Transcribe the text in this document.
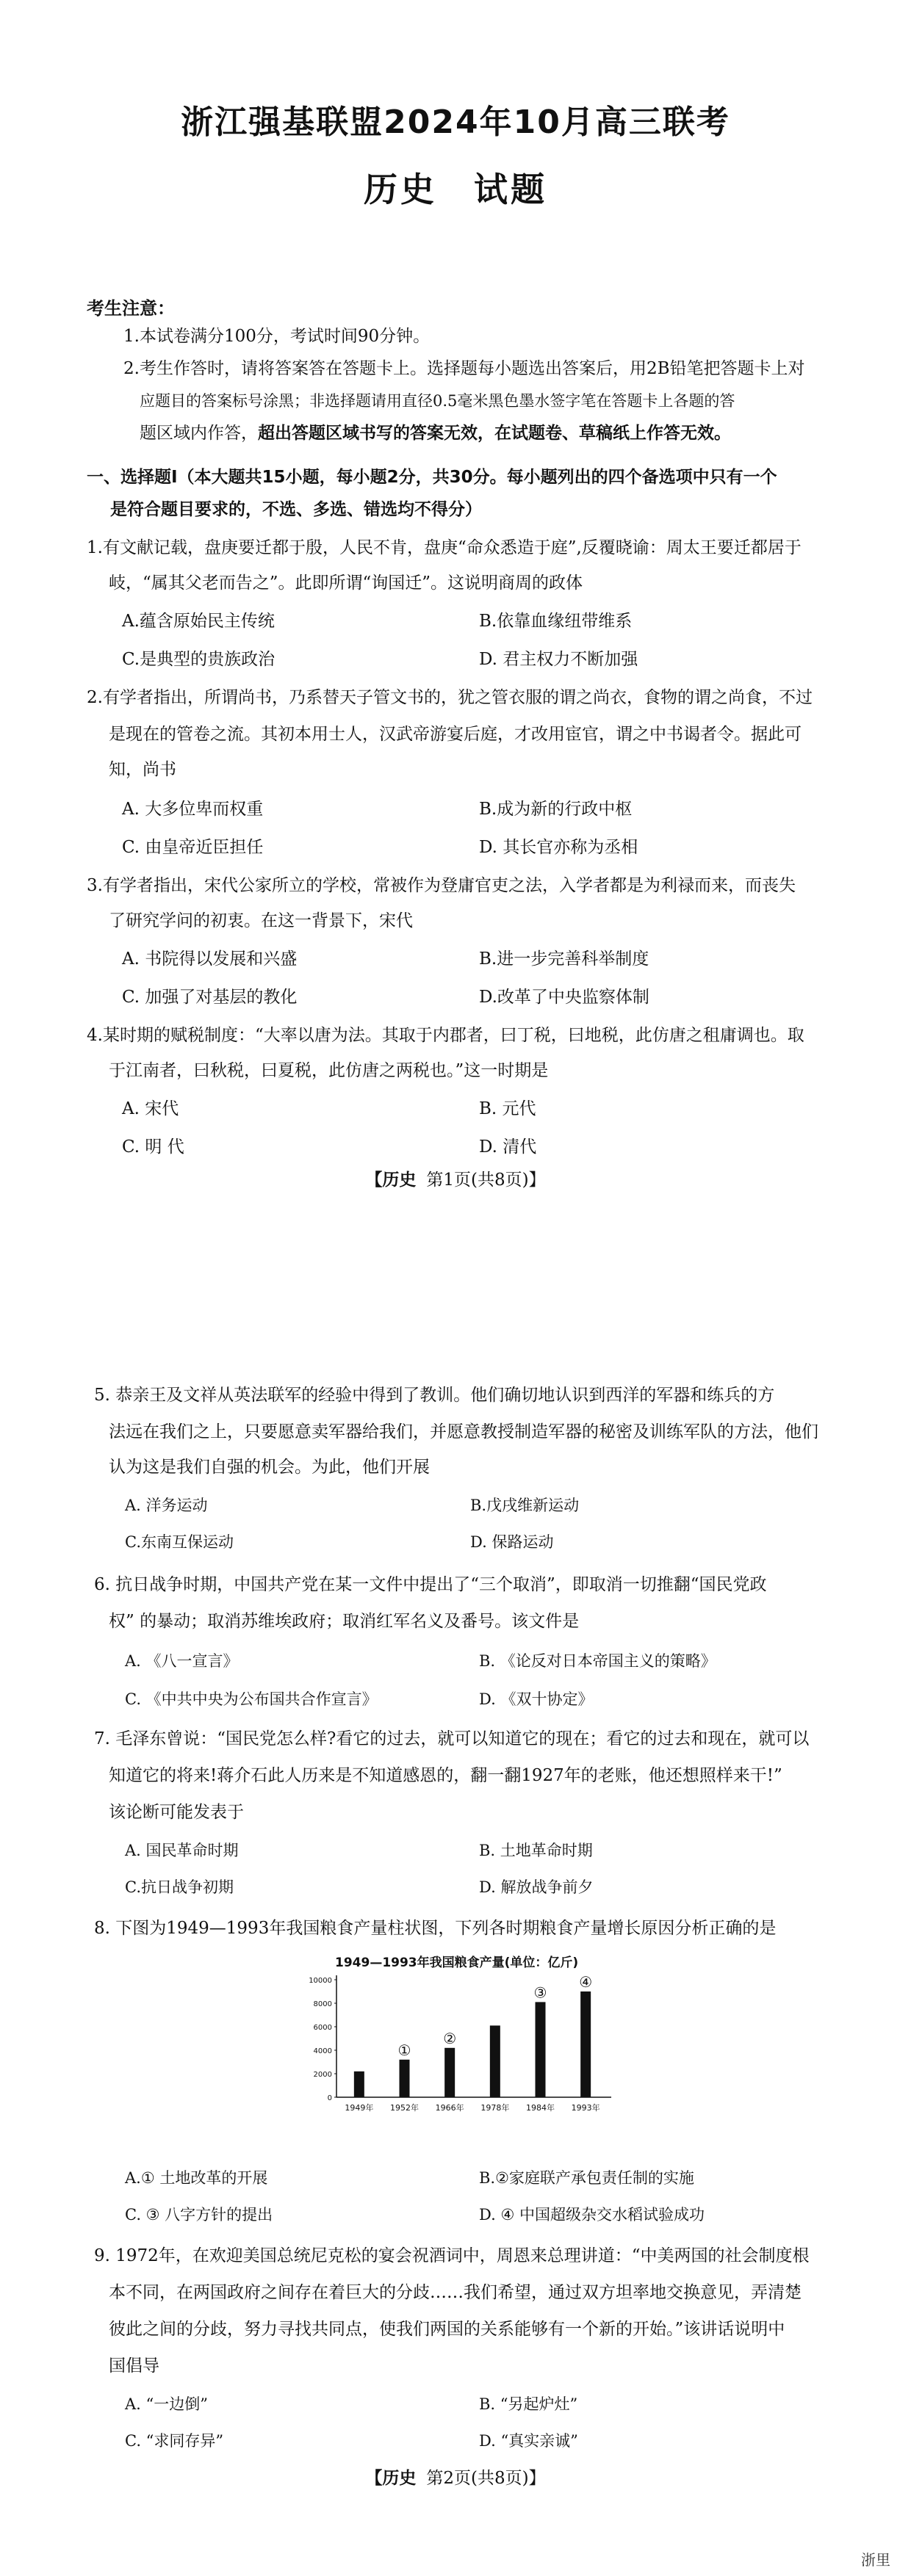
浙江强基联盟2024年10月高三联考
历史　试题
考生注意：
1.本试卷满分100分，考试时间90分钟。
2.考生作答时，请将答案答在答题卡上。选择题每小题选出答案后，用2B铅笔把答题卡上对
应题目的答案标号涂黑；非选择题请用直径0.5毫米黑色墨水签字笔在答题卡上各题的答
题区域内作答，超出答题区域书写的答案无效，在试题卷、草稿纸上作答无效。
一、选择题Ⅰ（本大题共15小题，每小题2分，共30分。每小题列出的四个备选项中只有一个
是符合题目要求的，不选、多选、错选均不得分）
1.有文献记载，盘庚要迁都于殷，人民不肯，盘庚“命众悉造于庭”,反覆晓谕：周太王要迁都居于
岐，“属其父老而告之”。此即所谓“询国迁”。这说明商周的政体
A.蕴含原始民主传统	B.依靠血缘纽带维系
C.是典型的贵族政治	D. 君主权力不断加强
2.有学者指出，所谓尚书，乃系替天子管文书的，犹之管衣服的谓之尚衣，食物的谓之尚食，不过
是现在的管卷之流。其初本用士人，汉武帝游宴后庭，才改用宦官，谓之中书谒者令。据此可
知，尚书
A. 大多位卑而权重	B.成为新的行政中枢
C. 由皇帝近臣担任	D. 其长官亦称为丞相
3.有学者指出，宋代公家所立的学校，常被作为登庸官吏之法，入学者都是为利禄而来，而丧失
了研究学问的初衷。在这一背景下，宋代
A. 书院得以发展和兴盛	B.进一步完善科举制度
C. 加强了对基层的教化	D.改革了中央监察体制
4.某时期的赋税制度：“大率以唐为法。其取于内郡者，曰丁税，曰地税，此仿唐之租庸调也。取
于江南者，曰秋税，曰夏税，此仿唐之两税也。”这一时期是
A. 宋代	B. 元代
C. 明 代	D. 清代
【历史 第1页(共8页)】
5. 恭亲王及文祥从英法联军的经验中得到了教训。他们确切地认识到西洋的军器和练兵的方
法远在我们之上，只要愿意卖军器给我们，并愿意教授制造军器的秘密及训练军队的方法，他们
认为这是我们自强的机会。为此，他们开展
A. 洋务运动	B.戊戌维新运动
C.东南互保运动	D. 保路运动
6. 抗日战争时期，中国共产党在某一文件中提出了“三个取消”，即取消一切推翻“国民党政
权” 的暴动；取消苏维埃政府；取消红军名义及番号。该文件是
A. 《八一宣言》	B. 《论反对日本帝国主义的策略》
C. 《中共中央为公布国共合作宣言》	D. 《双十协定》
7. 毛泽东曾说：“国民党怎么样?看它的过去，就可以知道它的现在；看它的过去和现在，就可以
知道它的将来!蒋介石此人历来是不知道感恩的，翻一翻1927年的老账，他还想照样来干!”
该论断可能发表于
A. 国民革命时期	B. 土地革命时期
C.抗日战争初期	D. 解放战争前夕
8. 下图为1949—1993年我国粮食产量柱状图，下列各时期粮食产量增长原因分析正确的是
1949—1993年我国粮食产量(单位：亿斤)
10000
8000
6000
4000
2000
0
①
②
③
④
1949年 1952年 1966年 1978年 1984年 1993年
A.① 土地改革的开展	B.②家庭联产承包责任制的实施
C. ③ 八字方针的提出	D. ④ 中国超级杂交水稻试验成功
9. 1972年，在欢迎美国总统尼克松的宴会祝酒词中，周恩来总理讲道：“中美两国的社会制度根
本不同，在两国政府之间存在着巨大的分歧……我们希望，通过双方坦率地交换意见，弄清楚
彼此之间的分歧，努力寻找共同点，使我们两国的关系能够有一个新的开始。”该讲话说明中
国倡导
A. “一边倒”	B. “另起炉灶”
C. “求同存异”	D. “真实亲诚”
【历史 第2页(共8页)】
浙里
